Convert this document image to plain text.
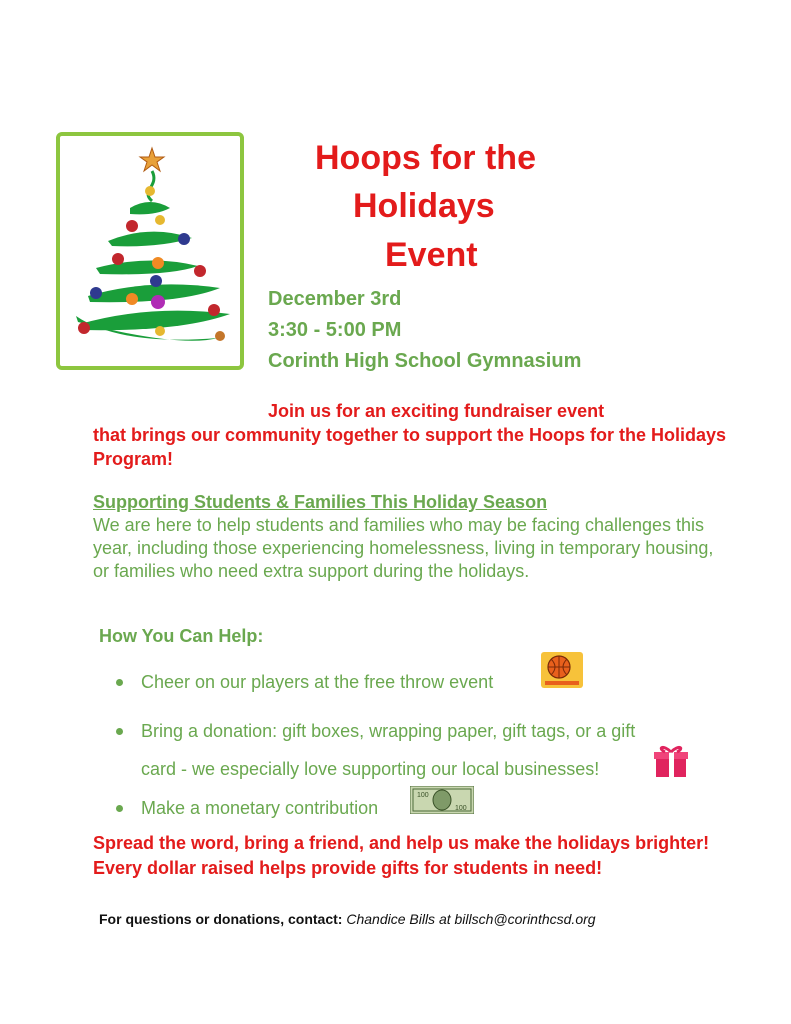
Hoops for the
Holidays
Event
December 3rd
3:30 - 5:00 PM
Corinth High School Gymnasium
Join us for an exciting fundraiser event
that brings our community together to support the Hoops for the Holidays Program!
Supporting Students & Families This Holiday Season
We are here to help students and families who may be facing challenges this year, including those experiencing homelessness, living in temporary housing, or families who need extra support during the holidays.
How You Can Help:
Cheer on our players at the free throw event
Bring a donation: gift boxes, wrapping paper, gift tags, or a gift
card - we especially love supporting our local businesses!
Make a monetary contribution
100
100
Spread the word, bring a friend, and help us make the holidays brighter! Every dollar raised helps provide gifts for students in need!
For questions or donations, contact: Chandice Bills at billsch@corinthcsd.org
